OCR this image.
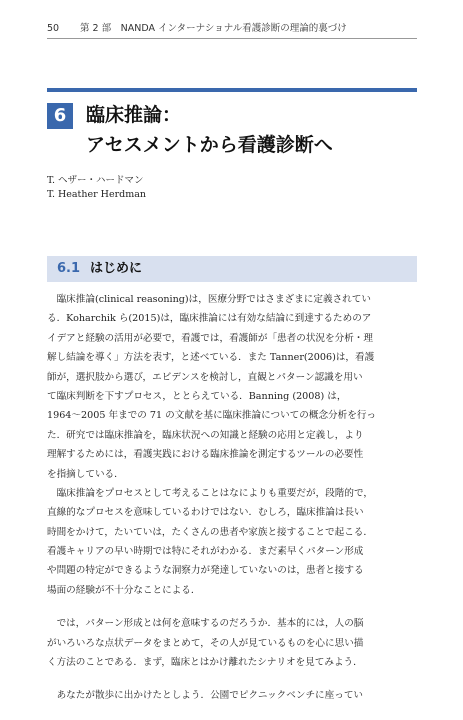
50 第 2 部　NANDA インターナショナル看護診断の理論的裏づけ
6	臨床推論：
アセスメントから看護診断へ
T. ヘザー・ハードマン
T. Heather Herdman
6.1 はじめに
　臨床推論(clinical reasoning)は，医療分野ではさまざまに定義されてい
る．Koharchik ら(2015)は，臨床推論には有効な結論に到達するためのア
イデアと経験の活用が必要で，看護では，看護師が「患者の状況を分析・理
解し結論を導く」方法を表す，と述べている．また Tanner(2006)は，看護
師が，選択肢から選び，エビデンスを検討し，直観とパターン認識を用い
て臨床判断を下すプロセス，ととらえている．Banning (2008) は，
1964〜2005 年までの 71 の文献を基に臨床推論についての概念分析を行っ
た．研究では臨床推論を，臨床状況への知識と経験の応用と定義し，より
理解するためには，看護実践における臨床推論を測定するツールの必要性
を指摘している．
　臨床推論をプロセスとして考えることはなによりも重要だが，段階的で，
直線的なプロセスを意味しているわけではない．むしろ，臨床推論は長い
時間をかけて，たいていは，たくさんの患者や家族と接することで起こる．
看護キャリアの早い時期では特にそれがわかる．まだ素早くパターン形成
や問題の特定ができるような洞察力が発達していないのは，患者と接する
場面の経験が不十分なことによる．
　では，パターン形成とは何を意味するのだろうか．基本的には，人の脳
がいろいろな点状データをまとめて，その人が見ているものを心に思い描
く方法のことである．まず，臨床とはかけ離れたシナリオを見てみよう．
　あなたが散歩に出かけたとしよう．公園でピクニックベンチに座ってい
